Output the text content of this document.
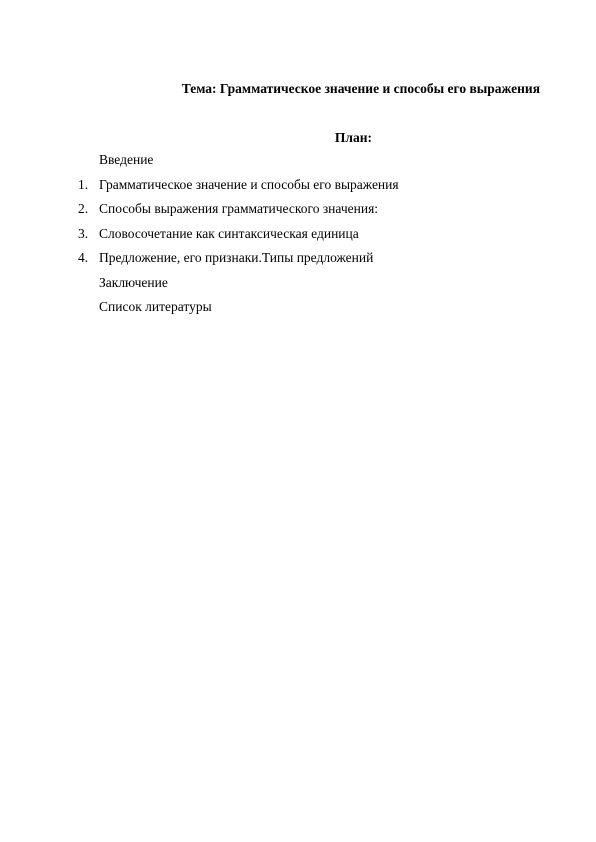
Тема: Грамматическое значение и способы его выражения
План:
Введение
1. Грамматическое значение и способы его выражения
2. Способы выражения грамматического значения:
3. Словосочетание как синтаксическая единица
4. Предложение, его признаки.Типы предложений
Заключение
Список литературы
